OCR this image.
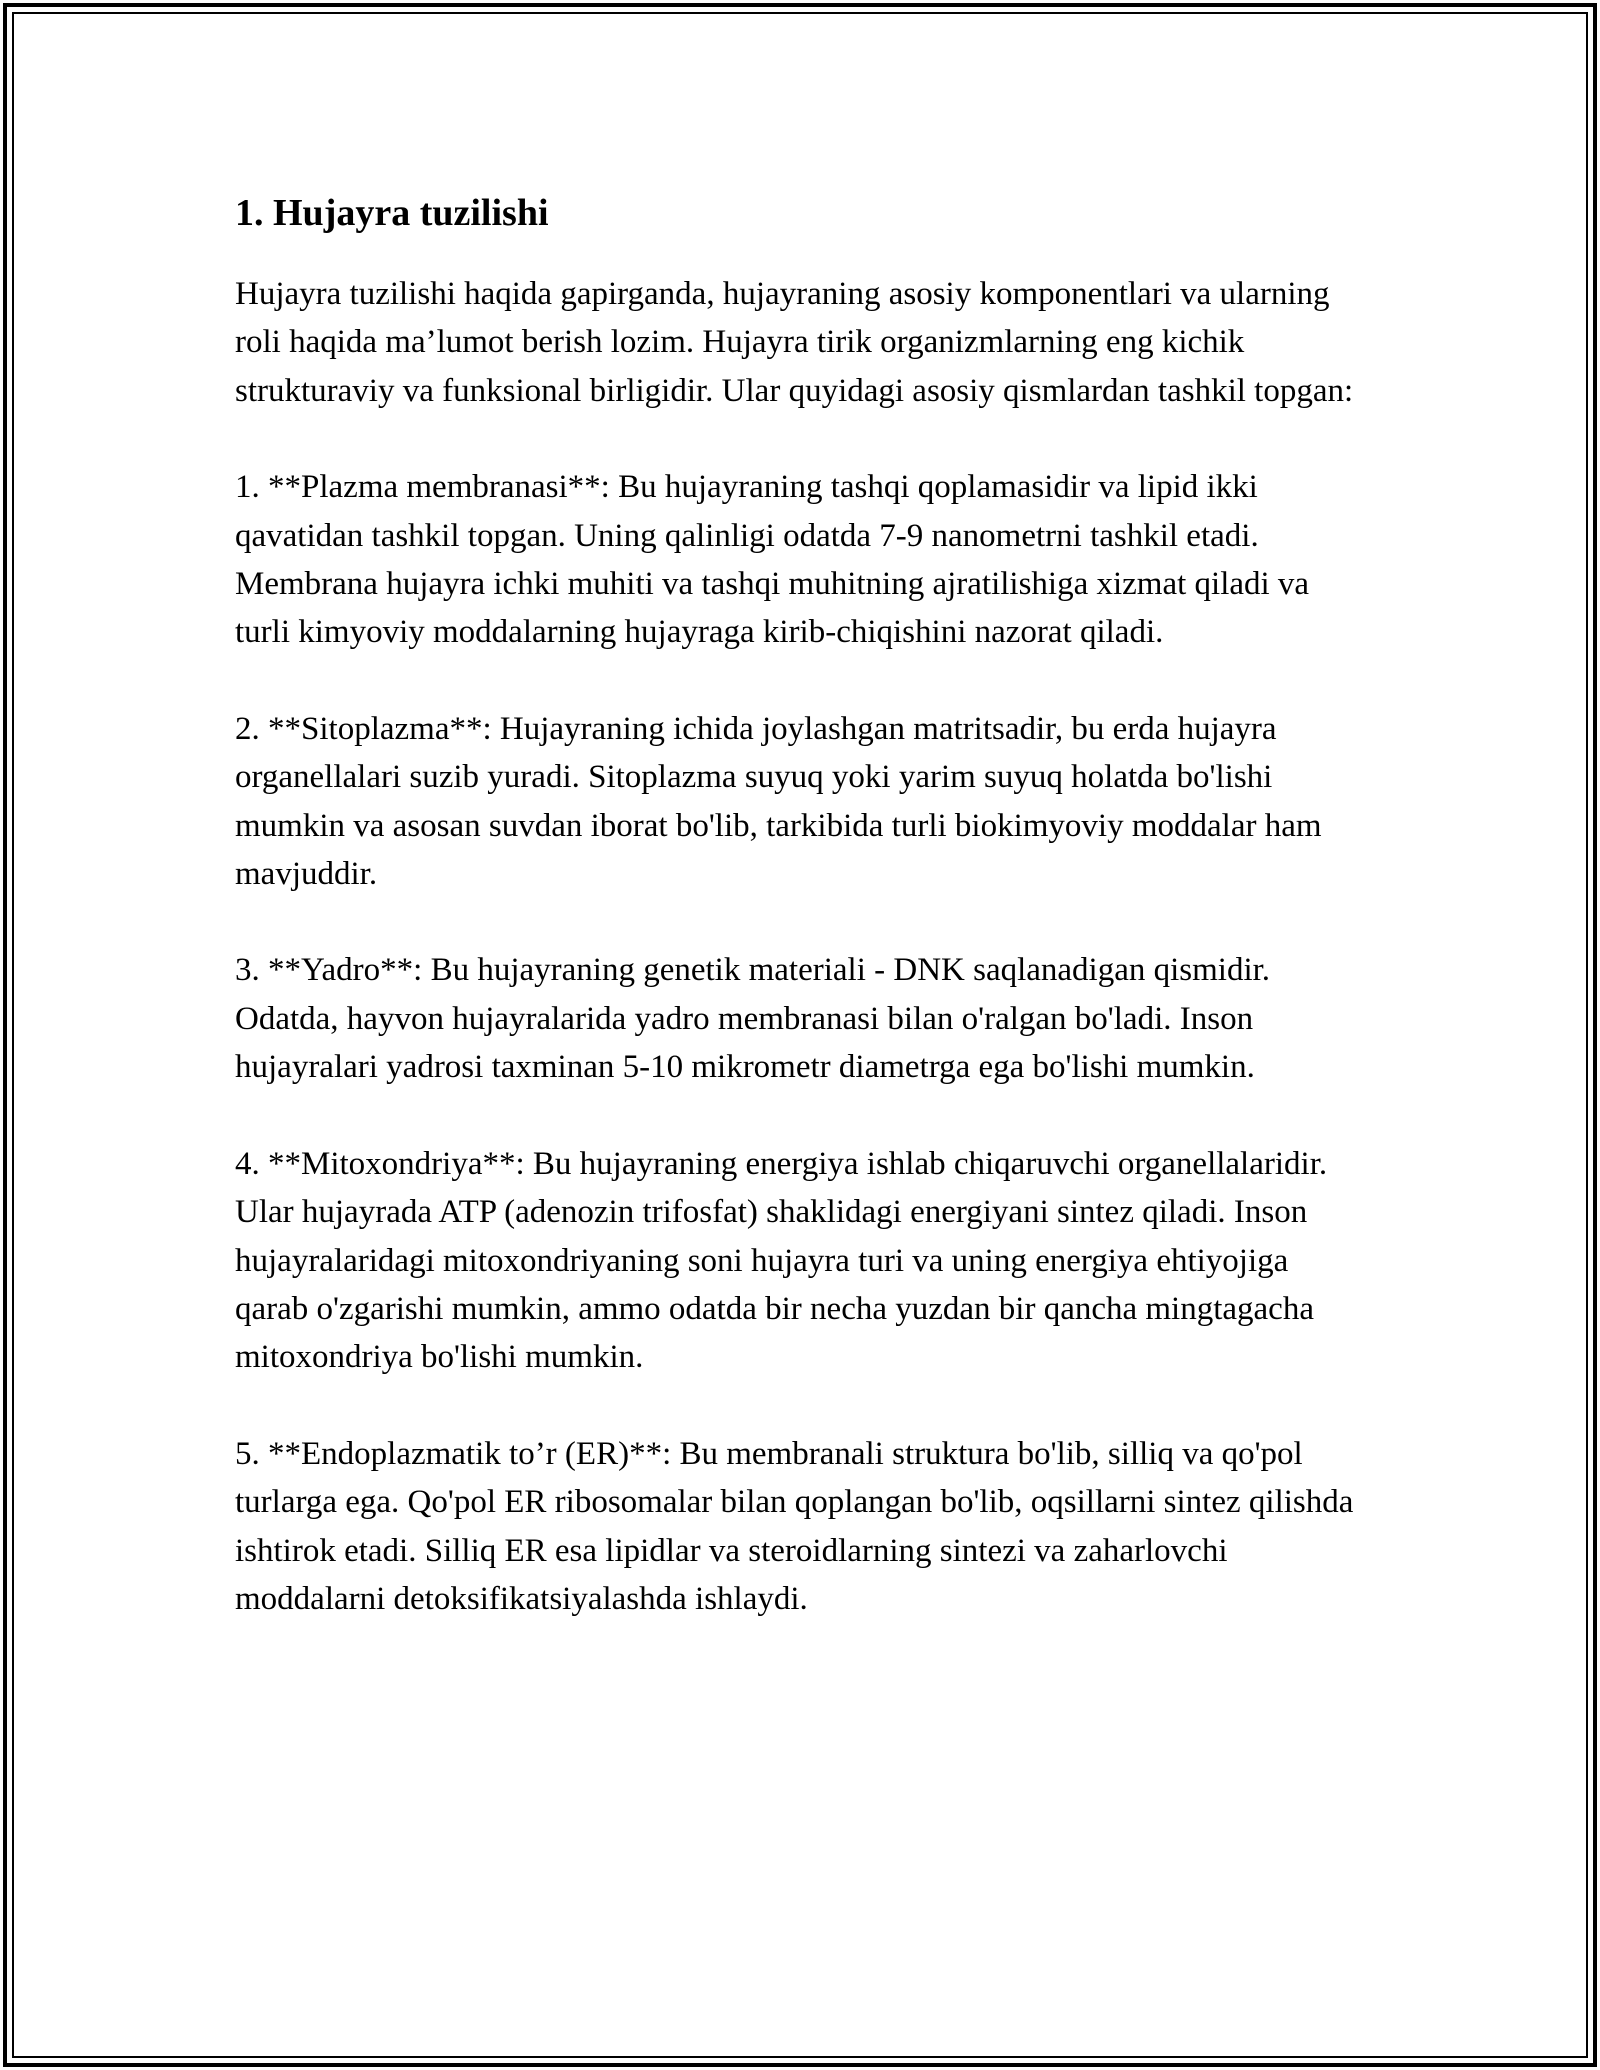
1. Hujayra tuzilishi

Hujayra tuzilishi haqida gapirganda, hujayraning asosiy komponentlari va ularning roli haqida ma’lumot berish lozim. Hujayra tirik organizmlarning eng kichik strukturaviy va funksional birligidir. Ular quyidagi asosiy qismlardan tashkil topgan:

1. **Plazma membranasi**: Bu hujayraning tashqi qoplamasidir va lipid ikki qavatidan tashkil topgan. Uning qalinligi odatda 7-9 nanometrni tashkil etadi. Membrana hujayra ichki muhiti va tashqi muhitning ajratilishiga xizmat qiladi va turli kimyoviy moddalarning hujayraga kirib-chiqishini nazorat qiladi.

2. **Sitoplazma**: Hujayraning ichida joylashgan matritsadir, bu erda hujayra organellalari suzib yuradi. Sitoplazma suyuq yoki yarim suyuq holatda bo'lishi mumkin va asosan suvdan iborat bo'lib, tarkibida turli biokimyoviy moddalar ham mavjuddir.

3. **Yadro**: Bu hujayraning genetik materiali - DNK saqlanadigan qismidir. Odatda, hayvon hujayralarida yadro membranasi bilan o'ralgan bo'ladi. Inson hujayralari yadrosi taxminan 5-10 mikrometr diametrga ega bo'lishi mumkin.

4. **Mitoxondriya**: Bu hujayraning energiya ishlab chiqaruvchi organellalaridir. Ular hujayrada ATP (adenozin trifosfat) shaklidagi energiyani sintez qiladi. Inson hujayralaridagi mitoxondriyaning soni hujayra turi va uning energiya ehtiyojiga qarab o'zgarishi mumkin, ammo odatda bir necha yuzdan bir qancha mingtagacha mitoxondriya bo'lishi mumkin.

5. **Endoplazmatik to’r (ER)**: Bu membranali struktura bo'lib, silliq va qo'pol turlarga ega. Qo'pol ER ribosomalar bilan qoplangan bo'lib, oqsillarni sintez qilishda ishtirok etadi. Silliq ER esa lipidlar va steroidlarning sintezi va zaharlovchi moddalarni detoksifikatsiyalashda ishlaydi.
